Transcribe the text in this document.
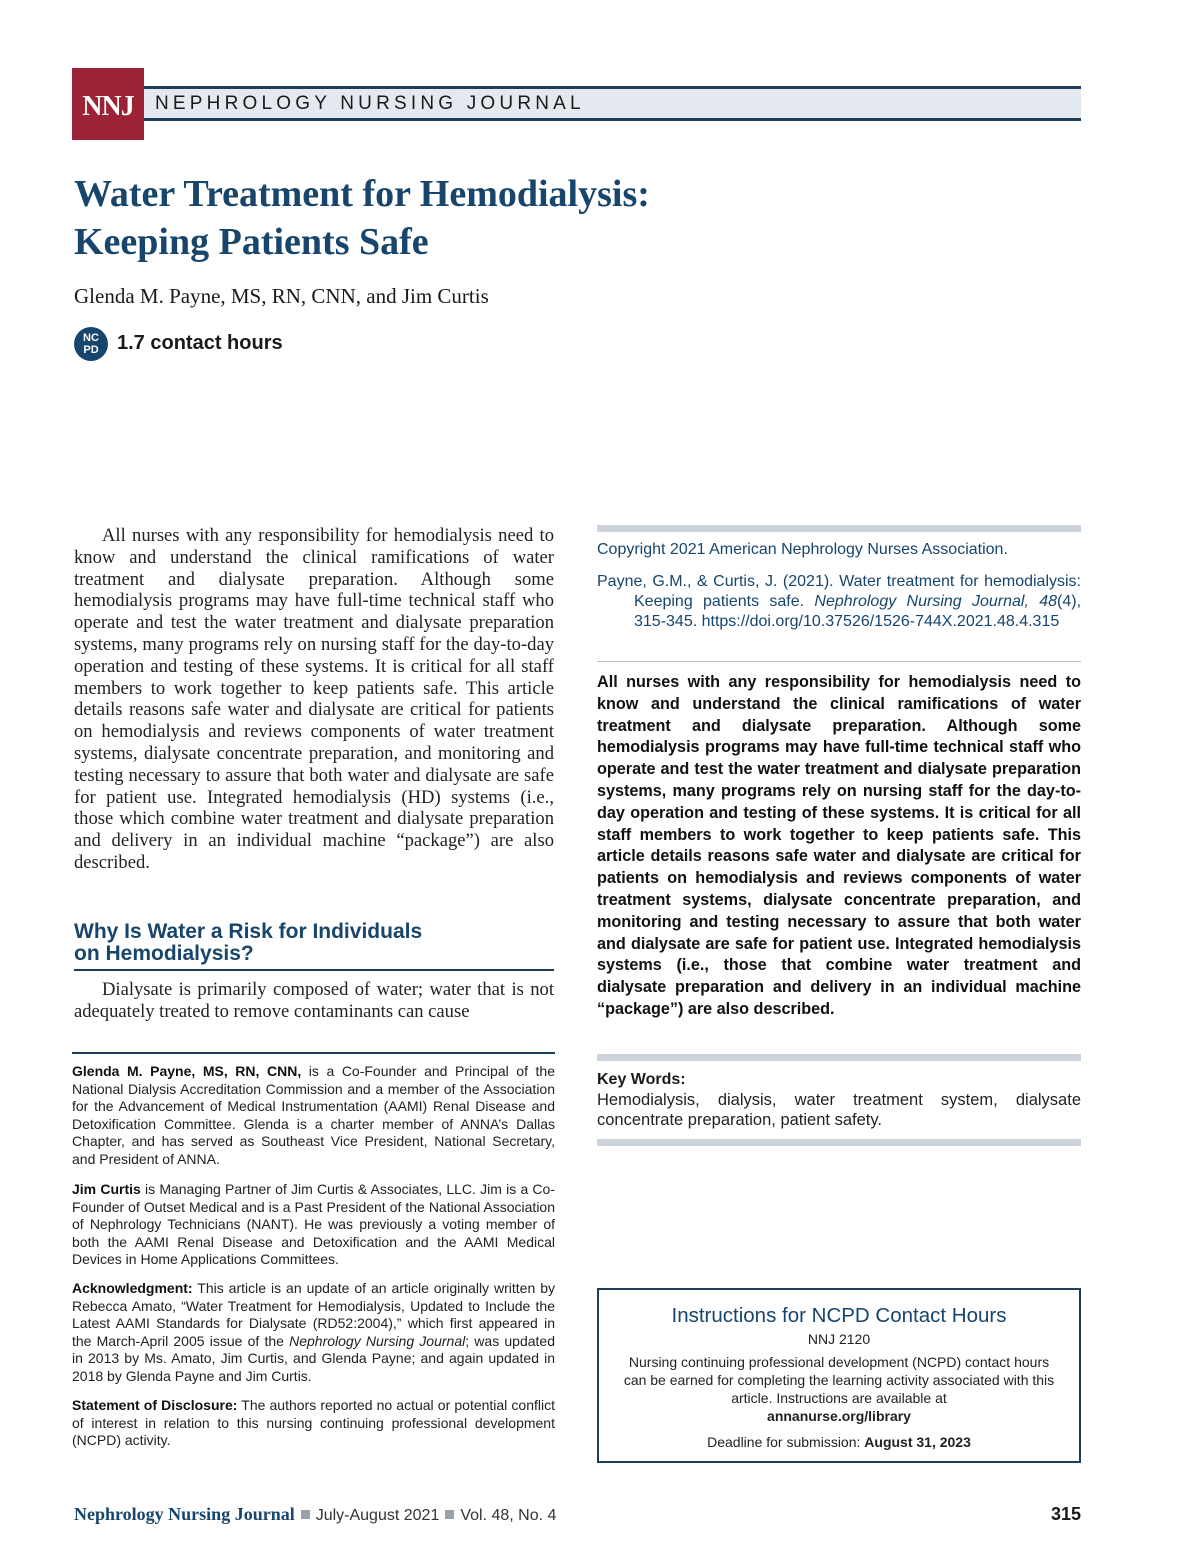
NNJ	NEPHROLOGY NURSING JOURNAL
Water Treatment for Hemodialysis:
Keeping Patients Safe
Glenda M. Payne, MS, RN, CNN, and Jim Curtis
NC
PD 1.7 contact hours

All nurses with any responsibility for hemodialysis need to know and understand the clinical ramifications of water treatment and dialysate preparation. Although some hemodialysis programs may have full-time technical staff who operate and test the water treatment and dialysate preparation systems, many programs rely on nursing staff for the day-to-day operation and testing of these systems. It is critical for all staff members to work together to keep patients safe. This article details reasons safe water and dialysate are critical for patients on hemodialysis and reviews components of water treatment systems, dialysate concentrate preparation, and monitoring and testing necessary to assure that both water and dialysate are safe for patient use. Integrated hemodialysis (HD) systems (i.e., those which combine water treatment and dialysate preparation and delivery in an individual machine “package”) are also described.

Why Is Water a Risk for Individuals
on Hemodialysis?

Dialysate is primarily composed of water; water that is not adequately treated to remove contaminants can cause

Glenda M. Payne, MS, RN, CNN, is a Co-Founder and Principal of the National Dialysis Accreditation Commission and a member of the Association for the Advancement of Medical Instrumentation (AAMI) Renal Disease and Detoxification Committee. Glenda is a charter member of ANNA’s Dallas Chapter, and has served as Southeast Vice President, National Secretary, and President of ANNA.

Jim Curtis is Managing Partner of Jim Curtis & Associates, LLC. Jim is a Co-Founder of Outset Medical and is a Past President of the National Association of Nephrology Technicians (NANT). He was previously a voting member of both the AAMI Renal Disease and Detoxification and the AAMI Medical Devices in Home Applications Committees.

Acknowledgment: This article is an update of an article originally written by Rebecca Amato, “Water Treatment for Hemodialysis, Updated to Include the Latest AAMI Standards for Dialysate (RD52:2004),” which first appeared in the March-April 2005 issue of the Nephrology Nursing Journal; was updated in 2013 by Ms. Amato, Jim Curtis, and Glenda Payne; and again updated in 2018 by Glenda Payne and Jim Curtis.

Statement of Disclosure: The authors reported no actual or potential conflict of interest in relation to this nursing continuing professional development (NCPD) activity.

Copyright 2021 American Nephrology Nurses Association.

Payne, G.M., & Curtis, J. (2021). Water treatment for hemodialysis: Keeping patients safe. Nephrology Nursing Journal, 48(4), 315-345. https://doi.org/10.37526/1526-744X.2021.48.4.315

All nurses with any responsibility for hemodialysis need to know and understand the clinical ramifications of water treatment and dialysate preparation. Although some hemodialysis programs may have full-time technical staff who operate and test the water treatment and dialysate preparation systems, many programs rely on nursing staff for the day-to-day operation and testing of these systems. It is critical for all staff members to work together to keep patients safe. This article details reasons safe water and dialysate are critical for patients on hemodialysis and reviews components of water treatment systems, dialysate concentrate preparation, and monitoring and testing necessary to assure that both water and dialysate are safe for patient use. Integrated hemodialysis systems (i.e., those that combine water treatment and dialysate preparation and delivery in an individual machine “package”) are also described.

Key Words:

Hemodialysis, dialysis, water treatment system, dialysate concentrate preparation, patient safety.

Instructions for NCPD Contact Hours
NNJ 2120
Nursing continuing professional development (NCPD) contact hours can be earned for completing the learning activity associated with this article. Instructions are available at
annanurse.org/library
Deadline for submission: August 31, 2023
Nephrology Nursing Journal July-August 2021 Vol. 48, No. 4	315
